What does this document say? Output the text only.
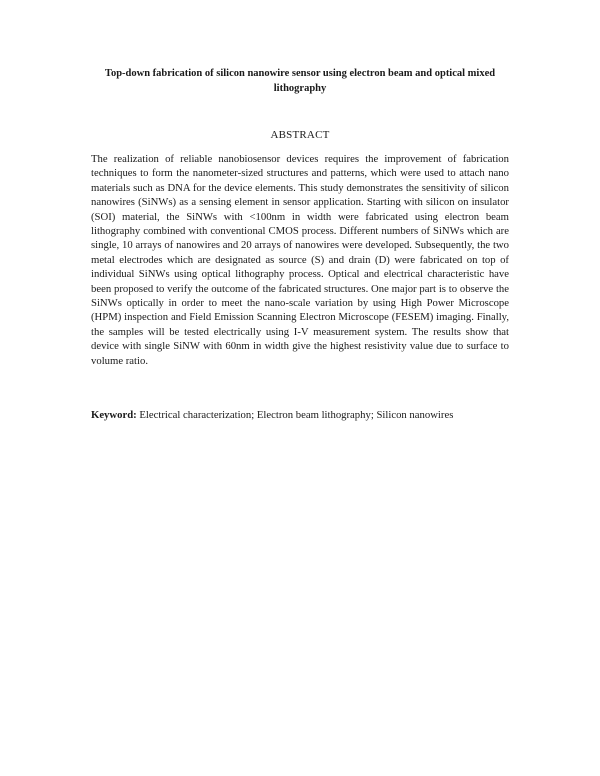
Top-down fabrication of silicon nanowire sensor using electron beam and optical mixed lithography
ABSTRACT
The realization of reliable nanobiosensor devices requires the improvement of fabrication techniques to form the nanometer-sized structures and patterns, which were used to attach nano materials such as DNA for the device elements. This study demonstrates the sensitivity of silicon nanowires (SiNWs) as a sensing element in sensor application. Starting with silicon on insulator (SOI) material, the SiNWs with <100nm in width were fabricated using electron beam lithography combined with conventional CMOS process. Different numbers of SiNWs which are single, 10 arrays of nanowires and 20 arrays of nanowires were developed. Subsequently, the two metal electrodes which are designated as source (S) and drain (D) were fabricated on top of individual SiNWs using optical lithography process. Optical and electrical characteristic have been proposed to verify the outcome of the fabricated structures. One major part is to observe the SiNWs optically in order to meet the nano-scale variation by using High Power Microscope (HPM) inspection and Field Emission Scanning Electron Microscope (FESEM) imaging. Finally, the samples will be tested electrically using I-V measurement system. The results show that device with single SiNW with 60nm in width give the highest resistivity value due to surface to volume ratio.
Keyword: Electrical characterization; Electron beam lithography; Silicon nanowires
